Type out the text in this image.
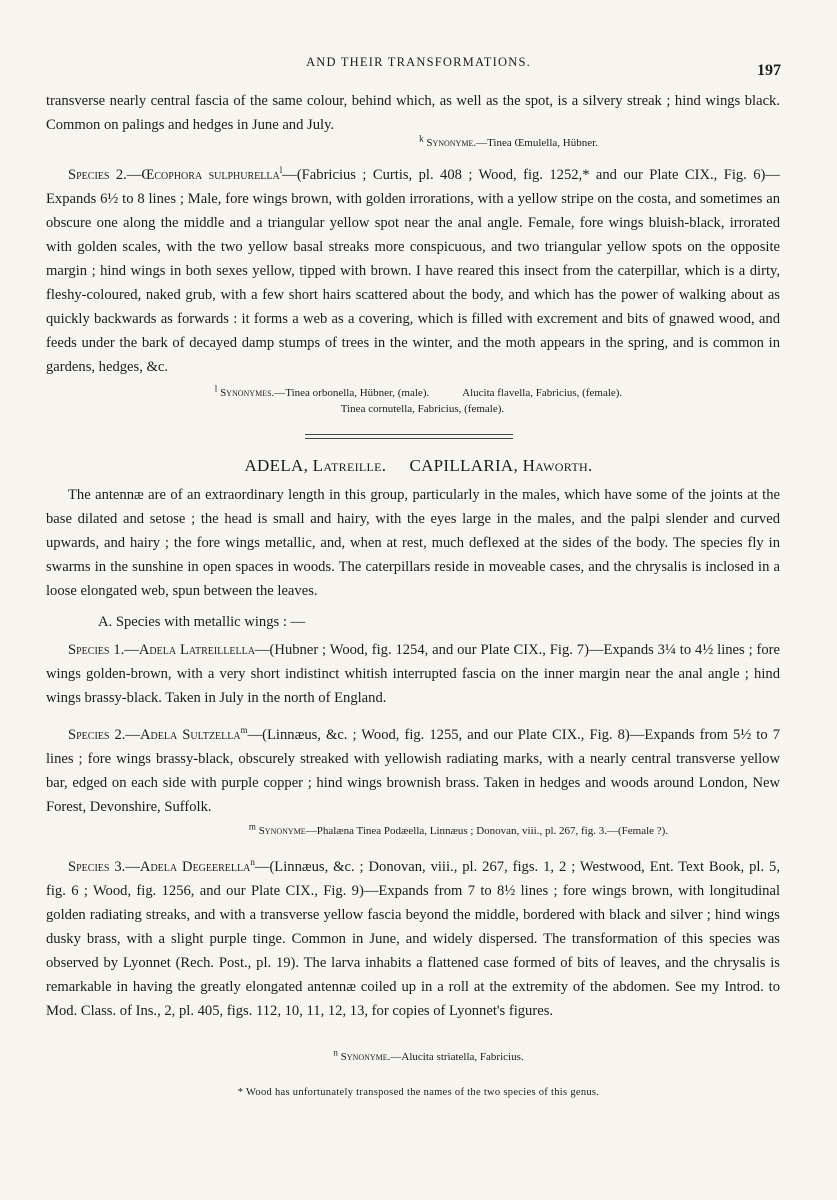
AND THEIR TRANSFORMATIONS.	197
transverse nearly central fascia of the same colour, behind which, as well as the spot, is a silvery streak ; hind wings black. Common on palings and hedges in June and July.
$^k$ Synonyme.—Tinea Œmulella, Hübner.
Species 2.—Œcophora sulphurella$^l$—(Fabricius ; Curtis, pl. 408 ; Wood, fig. 1252,* and our Plate CIX., Fig. 6)—Expands 6½ to 8 lines ; Male, fore wings brown, with golden irrorations, with a yellow stripe on the costa, and sometimes an obscure one along the middle and a triangular yellow spot near the anal angle. Female, fore wings bluish-black, irrorated with golden scales, with the two yellow basal streaks more conspicuous, and two triangular yellow spots on the opposite margin ; hind wings in both sexes yellow, tipped with brown. I have reared this insect from the caterpillar, which is a dirty, fleshy-coloured, naked grub, with a few short hairs scattered about the body, and which has the power of walking about as quickly backwards as forwards : it forms a web as a covering, which is filled with excrement and bits of gnawed wood, and feeds under the bark of decayed damp stumps of trees in the winter, and the moth appears in the spring, and is common in gardens, hedges, &c.
$^l$ Synonymes.—Tinea orbonella, Hübner, (male).	Alucita flavella, Fabricius, (female).
Tinea cornutella, Fabricius, (female).
ADELA, Latreille. CAPILLARIA, Haworth.
The antennæ are of an extraordinary length in this group, particularly in the males, which have some of the joints at the base dilated and setose ; the head is small and hairy, with the eyes large in the males, and the palpi slender and curved upwards, and hairy ; the fore wings metallic, and, when at rest, much deflexed at the sides of the body. The species fly in swarms in the sunshine in open spaces in woods. The caterpillars reside in moveable cases, and the chrysalis is inclosed in a loose elongated web, spun between the leaves.
A. Species with metallic wings : —
Species 1.—Adela Latreillella—(Hubner ; Wood, fig. 1254, and our Plate CIX., Fig. 7)—Expands 3¼ to 4½ lines ; fore wings golden-brown, with a very short indistinct whitish interrupted fascia on the inner margin near the anal angle ; hind wings brassy-black. Taken in July in the north of England.
Species 2.—Adela Sultzella$^m$—(Linnæus, &c. ; Wood, fig. 1255, and our Plate CIX., Fig. 8)—Expands from 5½ to 7 lines ; fore wings brassy-black, obscurely streaked with yellowish radiating marks, with a nearly central transverse yellow bar, edged on each side with purple copper ; hind wings brownish brass. Taken in hedges and woods around London, New Forest, Devonshire, Suffolk.
$^m$ Synonyme—Phalæna Tinea Podæella, Linnæus ; Donovan, viii., pl. 267, fig. 3.—(Female ?).
Species 3.—Adela Degeerella$^n$—(Linnæus, &c. ; Donovan, viii., pl. 267, figs. 1, 2 ; Westwood, Ent. Text Book, pl. 5, fig. 6 ; Wood, fig. 1256, and our Plate CIX., Fig. 9)—Expands from 7 to 8½ lines ; fore wings brown, with longitudinal golden radiating streaks, and with a transverse yellow fascia beyond the middle, bordered with black and silver ; hind wings dusky brass, with a slight purple tinge. Common in June, and widely dispersed. The transformation of this species was observed by Lyonnet (Rech. Post., pl. 19). The larva inhabits a flattened case formed of bits of leaves, and the chrysalis is remarkable in having the greatly elongated antennæ coiled up in a roll at the extremity of the abdomen. See my Introd. to Mod. Class. of Ins., 2, pl. 405, figs. 112, 10, 11, 12, 13, for copies of Lyonnet's figures.
$^n$ Synonyme.—Alucita striatella, Fabricius.
* Wood has unfortunately transposed the names of the two species of this genus.
